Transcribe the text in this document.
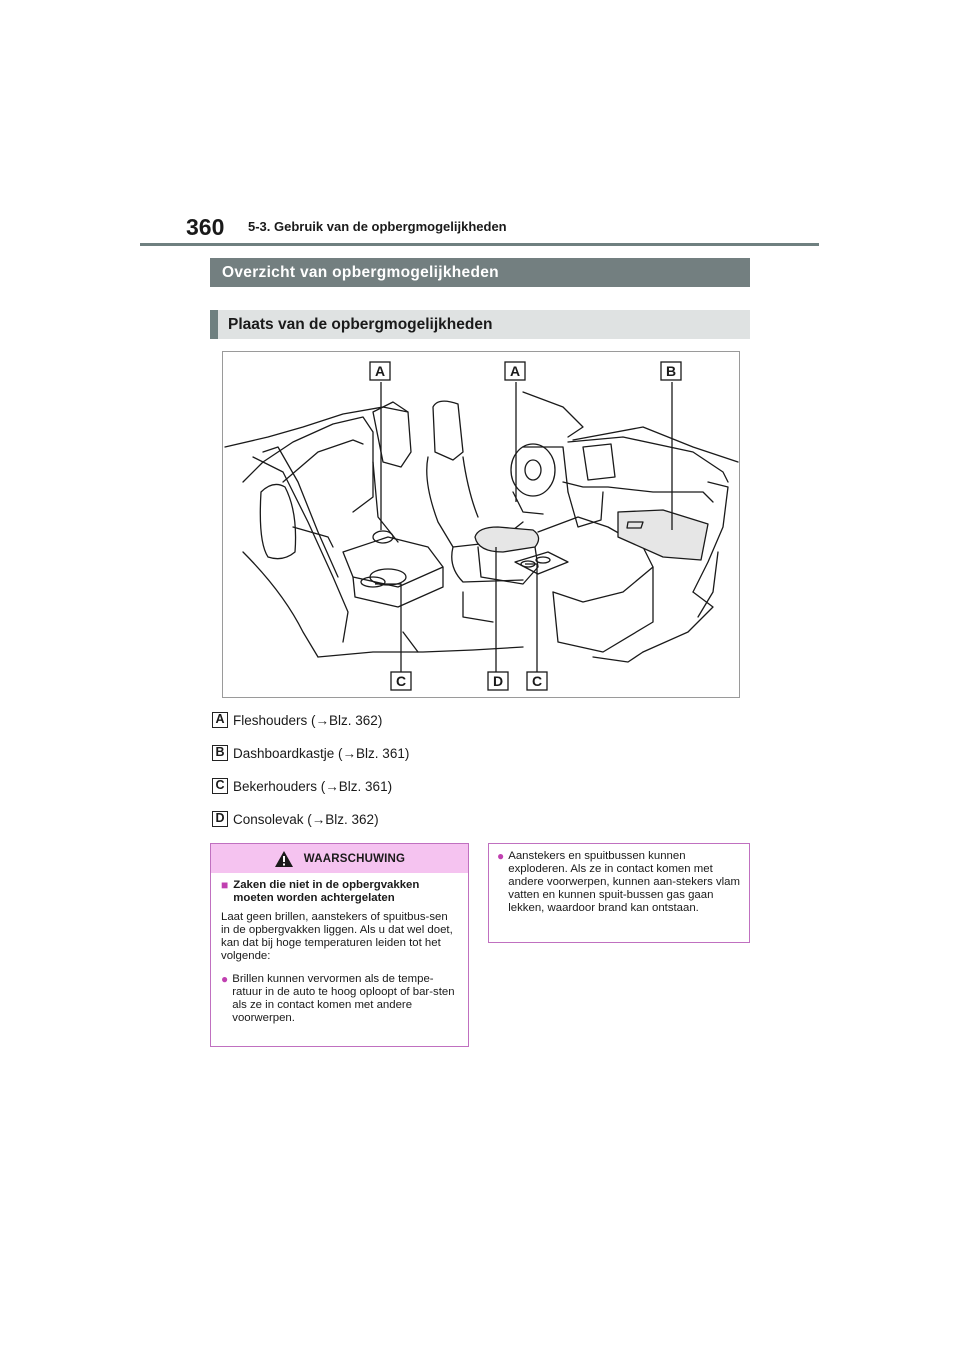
360 5-3. Gebruik van de opbergmogelijkheden
Overzicht van opbergmogelijkheden
Plaats van de opbergmogelijkheden
A	A	B
C	D C
A Fleshouders (→Blz. 362)
B Dashboardkastje (→Blz. 361)
C Bekerhouders (→Blz. 361)
D Consolevak (→Blz. 362)
WAARSCHUWING
■ Zaken die niet in de opbergvakken moeten worden achtergelaten
Laat geen brillen, aanstekers of spuitbus-sen in de opbergvakken liggen. Als u dat wel doet, kan dat bij hoge temperaturen leiden tot het volgende:
● Brillen kunnen vervormen als de tempe-ratuur in de auto te hoog oploopt of bar-sten als ze in contact komen met andere voorwerpen.
● Aanstekers en spuitbussen kunnen exploderen. Als ze in contact komen met andere voorwerpen, kunnen aan-stekers vlam vatten en kunnen spuit-bussen gas gaan lekken, waardoor brand kan ontstaan.
